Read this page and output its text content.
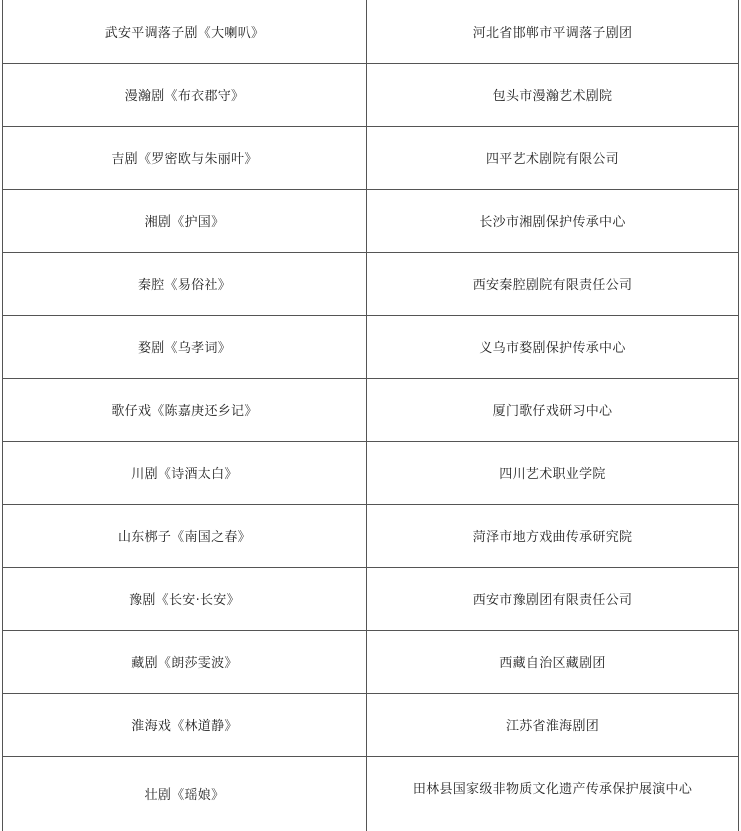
武安平调落子剧《大喇叭》	河北省邯郸市平调落子剧团
漫瀚剧《布衣郡守》	包头市漫瀚艺术剧院
吉剧《罗密欧与朱丽叶》	四平艺术剧院有限公司
湘剧《护国》	长沙市湘剧保护传承中心
秦腔《易俗社》	西安秦腔剧院有限责任公司
婺剧《乌孝词》	义乌市婺剧保护传承中心
歌仔戏《陈嘉庚还乡记》	厦门歌仔戏研习中心
川剧《诗酒太白》	四川艺术职业学院
山东梆子《南国之春》	菏泽市地方戏曲传承研究院
豫剧《长安·长安》	西安市豫剧团有限责任公司
藏剧《朗莎雯波》	西藏自治区藏剧团
淮海戏《林道静》	江苏省淮海剧团
壮剧《瑶娘》	田林县国家级非物质文化遗产传承保护展演中心
